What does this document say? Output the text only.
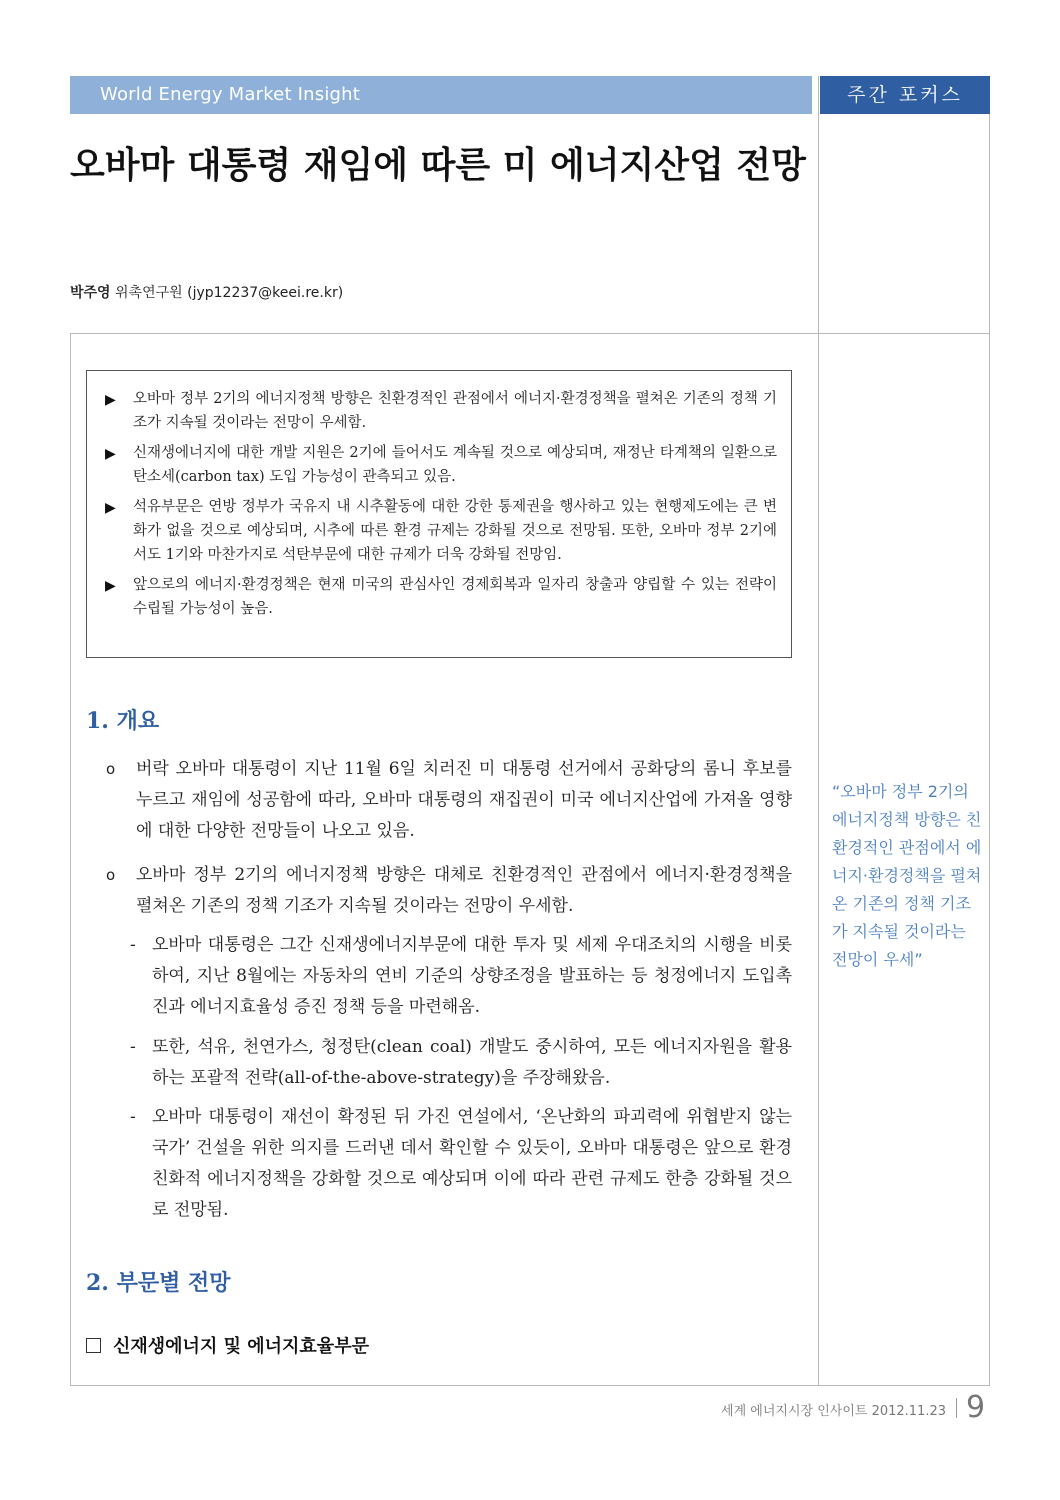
World Energy Market Insight	주간 포커스
오바마 대통령 재임에 따른 미 에너지산업 전망
박주영 위촉연구원 (jyp12237@keei.re.kr)
▶ 오바마 정부 2기의 에너지정책 방향은 친환경적인 관점에서 에너지·환경정책을 펼쳐온 기존의 정책 기조가 지속될 것이라는 전망이 우세함.
▶ 신재생에너지에 대한 개발 지원은 2기에 들어서도 계속될 것으로 예상되며, 재정난 타계책의 일환으로 탄소세(carbon tax) 도입 가능성이 관측되고 있음.
▶ 석유부문은 연방 정부가 국유지 내 시추활동에 대한 강한 통제권을 행사하고 있는 현행제도에는 큰 변화가 없을 것으로 예상되며, 시추에 따른 환경 규제는 강화될 것으로 전망됨. 또한, 오바마 정부 2기에서도 1기와 마찬가지로 석탄부문에 대한 규제가 더욱 강화될 전망임.
▶ 앞으로의 에너지·환경정책은 현재 미국의 관심사인 경제회복과 일자리 창출과 양립할 수 있는 전략이 수립될 가능성이 높음.
1. 개요
o 버락 오바마 대통령이 지난 11월 6일 치러진 미 대통령 선거에서 공화당의 롬니 후보를 누르고 재임에 성공함에 따라, 오바마 대통령의 재집권이 미국 에너지산업에 가져올 영향에 대한 다양한 전망들이 나오고 있음.
o 오바마 정부 2기의 에너지정책 방향은 대체로 친환경적인 관점에서 에너지·환경정책을 펼쳐온 기존의 정책 기조가 지속될 것이라는 전망이 우세함.
- 오바마 대통령은 그간 신재생에너지부문에 대한 투자 및 세제 우대조치의 시행을 비롯하여, 지난 8월에는 자동차의 연비 기준의 상향조정을 발표하는 등 청정에너지 도입촉진과 에너지효율성 증진 정책 등을 마련해옴.
- 또한, 석유, 천연가스, 청정탄(clean coal) 개발도 중시하여, 모든 에너지자원을 활용하는 포괄적 전략(all-of-the-above-strategy)을 주장해왔음.
- 오바마 대통령이 재선이 확정된 뒤 가진 연설에서, ‘온난화의 파괴력에 위협받지 않는 국가’ 건설을 위한 의지를 드러낸 데서 확인할 수 있듯이, 오바마 대통령은 앞으로 환경 친화적 에너지정책을 강화할 것으로 예상되며 이에 따라 관련 규제도 한층 강화될 것으로 전망됨.
2. 부문별 전망
신재생에너지 및 에너지효율부문
“오바마 정부 2기의 에너지정책 방향은 친환경적인 관점에서 에너지·환경정책을 펼쳐온 기존의 정책 기조가 지속될 것이라는 전망이 우세”
세계 에너지시장 인사이트 2012.11.23 9
